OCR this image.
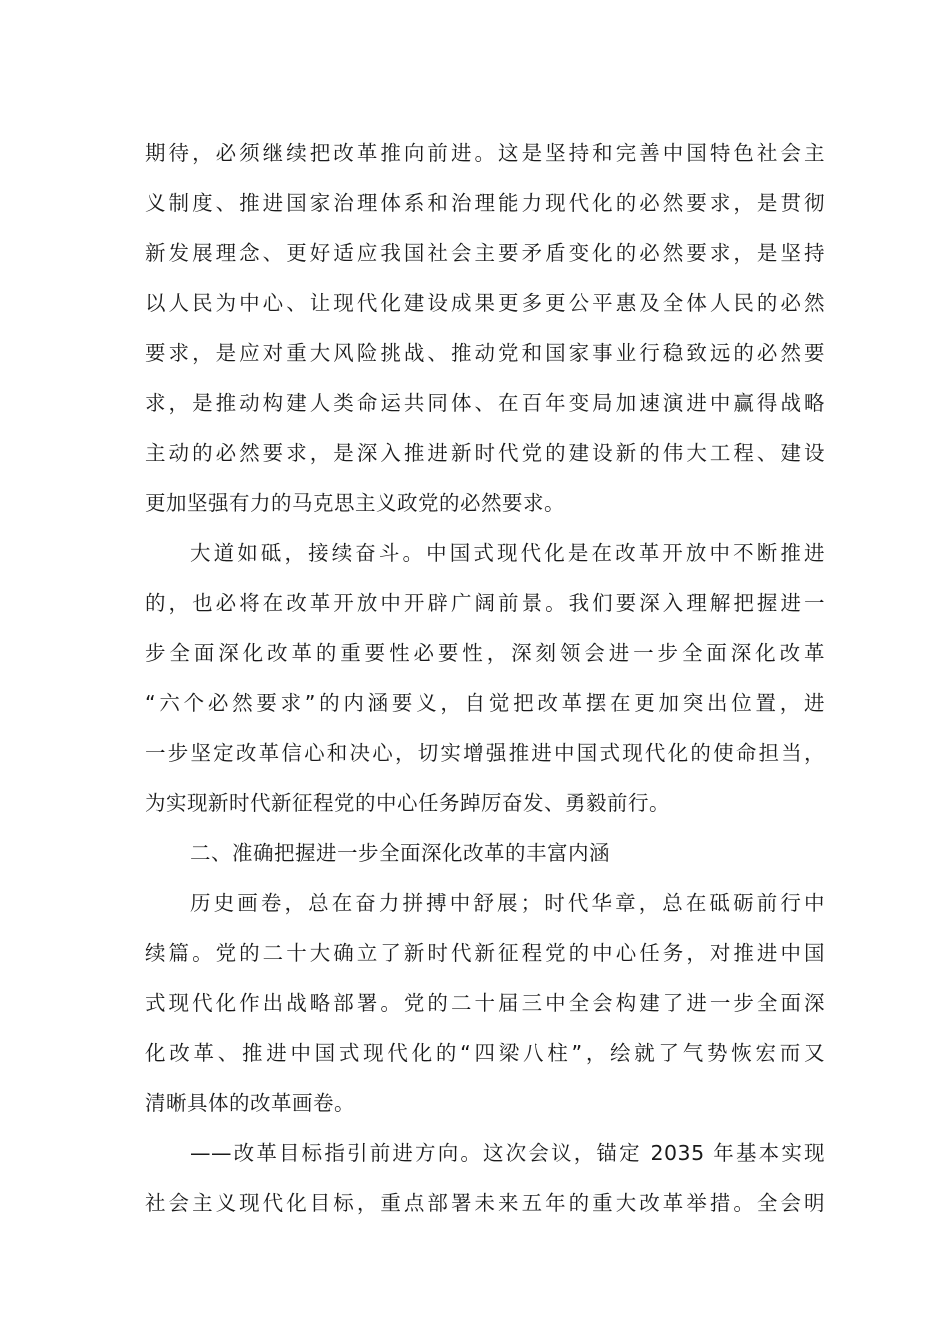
期待，必须继续把改革推向前进。这是坚持和完善中国特色社会主
义制度、推进国家治理体系和治理能力现代化的必然要求，是贯彻
新发展理念、更好适应我国社会主要矛盾变化的必然要求，是坚持
以人民为中心、让现代化建设成果更多更公平惠及全体人民的必然
要求，是应对重大风险挑战、推动党和国家事业行稳致远的必然要
求，是推动构建人类命运共同体、在百年变局加速演进中赢得战略
主动的必然要求，是深入推进新时代党的建设新的伟大工程、建设
更加坚强有力的马克思主义政党的必然要求。
大道如砥，接续奋斗。中国式现代化是在改革开放中不断推进
的，也必将在改革开放中开辟广阔前景。我们要深入理解把握进一
步全面深化改革的重要性必要性，深刻领会进一步全面深化改革
“六个必然要求”的内涵要义，自觉把改革摆在更加突出位置，进
一步坚定改革信心和决心，切实增强推进中国式现代化的使命担当，
为实现新时代新征程党的中心任务踔厉奋发、勇毅前行。
二、准确把握进一步全面深化改革的丰富内涵
历史画卷，总在奋力拼搏中舒展；时代华章，总在砥砺前行中
续篇。党的二十大确立了新时代新征程党的中心任务，对推进中国
式现代化作出战略部署。党的二十届三中全会构建了进一步全面深
化改革、推进中国式现代化的“四梁八柱”，绘就了气势恢宏而又
清晰具体的改革画卷。
——改革目标指引前进方向。这次会议，锚定 2035 年基本实现
社会主义现代化目标，重点部署未来五年的重大改革举措。全会明
